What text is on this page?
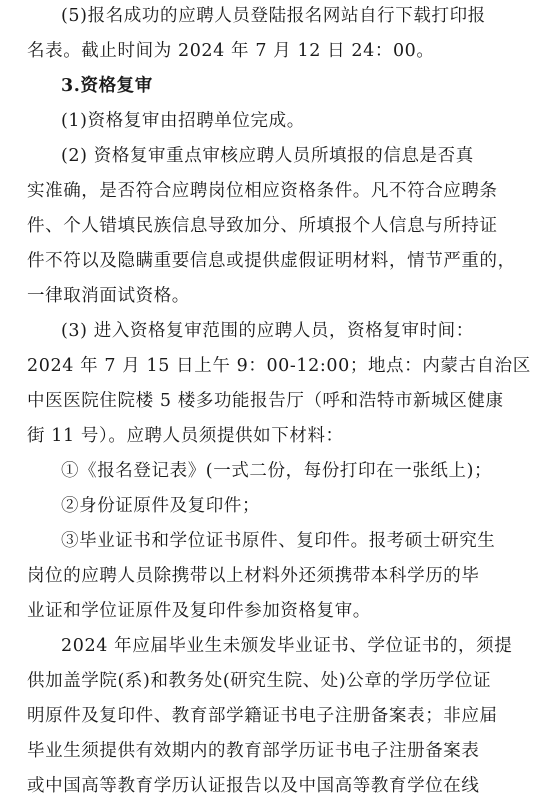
(5)报名成功的应聘人员登陆报名网站自行下载打印报
名表。截止时间为 2024 年 7 月 12 日 24：00。
3.资格复审
(1)资格复审由招聘单位完成。
(2) 资格复审重点审核应聘人员所填报的信息是否真
实准确，是否符合应聘岗位相应资格条件。凡不符合应聘条
件、个人错填民族信息导致加分、所填报个人信息与所持证
件不符以及隐瞒重要信息或提供虚假证明材料，情节严重的，
一律取消面试资格。
(3) 进入资格复审范围的应聘人员，资格复审时间：
2024 年 7 月 15 日上午 9：00-12:00；地点：内蒙古自治区
中医医院住院楼 5 楼多功能报告厅（呼和浩特市新城区健康
街 11 号）。应聘人员须提供如下材料：
①《报名登记表》(一式二份，每份打印在一张纸上)；
②身份证原件及复印件；
③毕业证书和学位证书原件、复印件。报考硕士研究生
岗位的应聘人员除携带以上材料外还须携带本科学历的毕
业证和学位证原件及复印件参加资格复审。
2024 年应届毕业生未颁发毕业证书、学位证书的，须提
供加盖学院(系)和教务处(研究生院、处)公章的学历学位证
明原件及复印件、教育部学籍证书电子注册备案表；非应届
毕业生须提供有效期内的教育部学历证书电子注册备案表
或中国高等教育学历认证报告以及中国高等教育学位在线
